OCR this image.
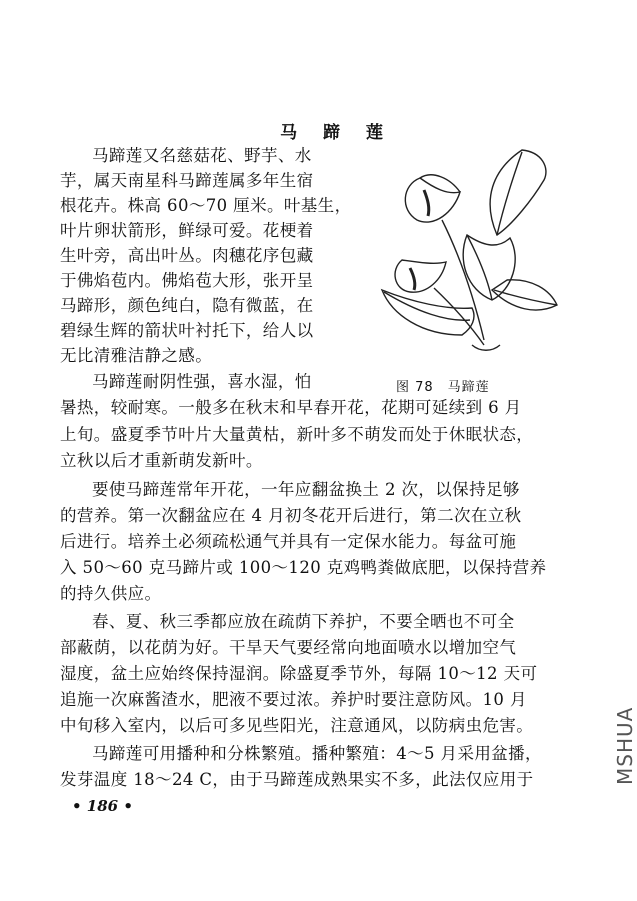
马 蹄 莲
马蹄莲又名慈菇花、野芋、水
芋，属天南星科马蹄莲属多年生宿
根花卉。株高 60～70 厘米。叶基生，
叶片卵状箭形，鲜绿可爱。花梗着
生叶旁，高出叶丛。肉穗花序包藏
于佛焰苞内。佛焰苞大形，张开呈
马蹄形，颜色纯白，隐有微蓝，在
碧绿生辉的箭状叶衬托下，给人以
无比清雅洁静之感。
马蹄莲耐阴性强，喜水湿，怕
暑热，较耐寒。一般多在秋末和早春开花，花期可延续到 6 月
上旬。盛夏季节叶片大量黄枯，新叶多不萌发而处于休眠状态，
立秋以后才重新萌发新叶。
要使马蹄莲常年开花，一年应翻盆换土 2 次，以保持足够
的营养。第一次翻盆应在 4 月初冬花开后进行，第二次在立秋
后进行。培养土必须疏松通气并具有一定保水能力。每盆可施
入 50～60 克马蹄片或 100～120 克鸡鸭粪做底肥，以保持营养
的持久供应。
春、夏、秋三季都应放在疏荫下养护，不要全晒也不可全
部蔽荫，以花荫为好。干旱天气要经常向地面喷水以增加空气
湿度，盆土应始终保持湿润。除盛夏季节外，每隔 10～12 天可
追施一次麻酱渣水，肥液不要过浓。养护时要注意防风。10 月
中旬移入室内，以后可多见些阳光，注意通风，以防病虫危害。
马蹄莲可用播种和分株繁殖。播种繁殖：4～5 月采用盆播，
发芽温度 18～24 C，由于马蹄莲成熟果实不多，此法仅应用于
图 78　马蹄莲
• 186 •
MSHUA
